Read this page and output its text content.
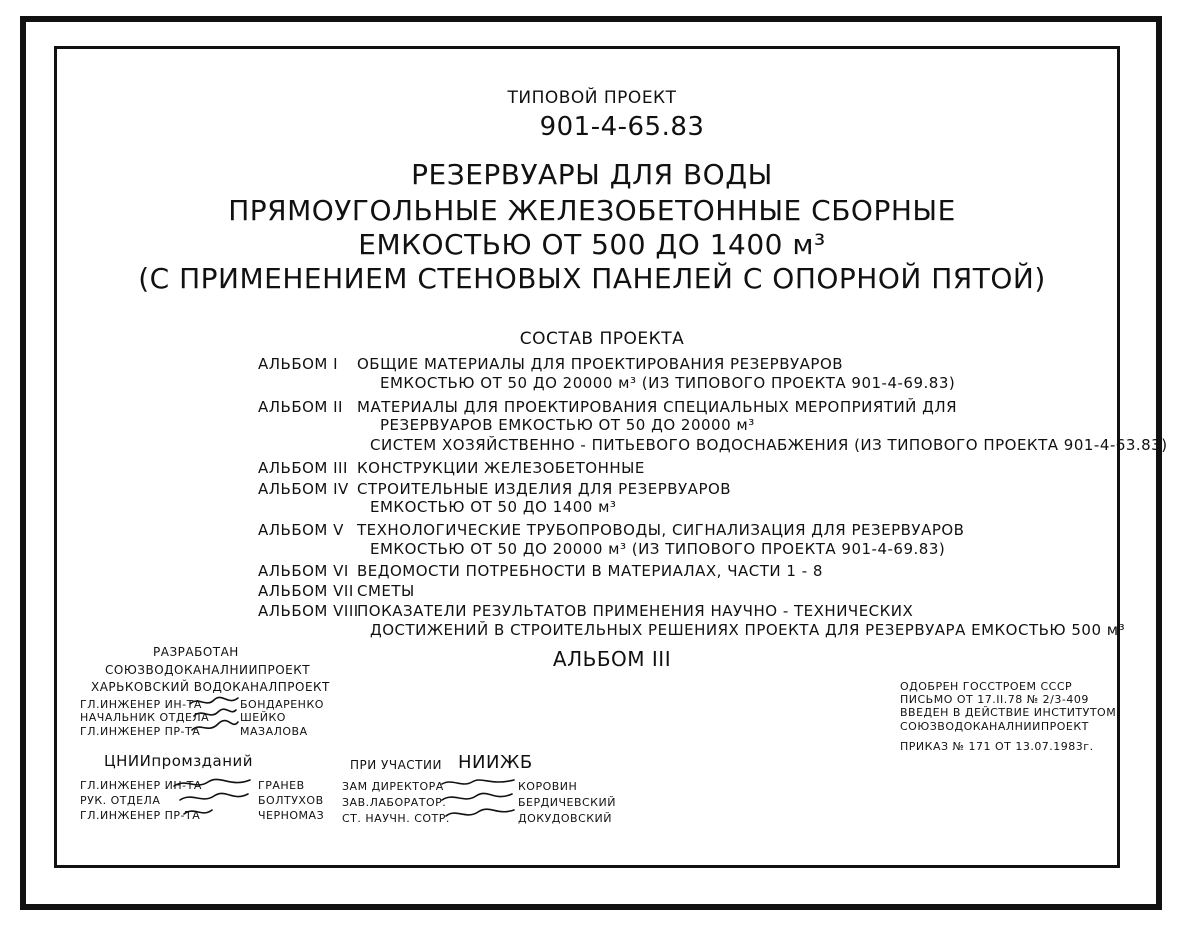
ТИПОВОЙ ПРОЕКТ
901-4-65.83
РЕЗЕРВУАРЫ ДЛЯ ВОДЫ
ПРЯМОУГОЛЬНЫЕ ЖЕЛЕЗОБЕТОННЫЕ СБОРНЫЕ
ЕМКОСТЬЮ ОТ 500 ДО 1400 м³
(С ПРИМЕНЕНИЕМ СТЕНОВЫХ ПАНЕЛЕЙ С ОПОРНОЙ ПЯТОЙ)
СОСТАВ ПРОЕКТА
АЛЬБОМ I ОБЩИЕ МАТЕРИАЛЫ ДЛЯ ПРОЕКТИРОВАНИЯ РЕЗЕРВУАРОВ
ЕМКОСТЬЮ ОТ 50 ДО 20000 м³ (ИЗ ТИПОВОГО ПРОЕКТА 901-4-69.83)
АЛЬБОМ II МАТЕРИАЛЫ ДЛЯ ПРОЕКТИРОВАНИЯ СПЕЦИАЛЬНЫХ МЕРОПРИЯТИЙ ДЛЯ
РЕЗЕРВУАРОВ ЕМКОСТЬЮ ОТ 50 ДО 20000 м³
СИСТЕМ ХОЗЯЙСТВЕННО - ПИТЬЕВОГО ВОДОСНАБЖЕНИЯ (ИЗ ТИПОВОГО ПРОЕКТА 901-4-63.83)
АЛЬБОМ III КОНСТРУКЦИИ ЖЕЛЕЗОБЕТОННЫЕ
АЛЬБОМ IV СТРОИТЕЛЬНЫЕ ИЗДЕЛИЯ ДЛЯ РЕЗЕРВУАРОВ
ЕМКОСТЬЮ ОТ 50 ДО 1400 м³
АЛЬБОМ V ТЕХНОЛОГИЧЕСКИЕ ТРУБОПРОВОДЫ, СИГНАЛИЗАЦИЯ ДЛЯ РЕЗЕРВУАРОВ
ЕМКОСТЬЮ ОТ 50 ДО 20000 м³ (ИЗ ТИПОВОГО ПРОЕКТА 901-4-69.83)
АЛЬБОМ VI ВЕДОМОСТИ ПОТРЕБНОСТИ В МАТЕРИАЛАХ, ЧАСТИ 1 - 8
АЛЬБОМ VII СМЕТЫ
АЛЬБОМ VIII
ПОКАЗАТЕЛИ РЕЗУЛЬТАТОВ ПРИМЕНЕНИЯ НАУЧНО - ТЕХНИЧЕСКИХ
ДОСТИЖЕНИЙ В СТРОИТЕЛЬНЫХ РЕШЕНИЯХ ПРОЕКТА ДЛЯ РЕЗЕРВУАРА ЕМКОСТЬЮ 500 м³
АЛЬБОМ III
РАЗРАБОТАН
СОЮЗВОДОКАНАЛНИИПРОЕКТ
ХАРЬКОВСКИЙ ВОДОКАНАЛПРОЕКТ
ГЛ.ИНЖЕНЕР ИН-ТА	БОНДАРЕНКО
НАЧАЛЬНИК ОТДЕЛА	ШЕЙКО
ГЛ.ИНЖЕНЕР ПР-ТА	МАЗАЛОВА
ЦНИИпромзданий
ГЛ.ИНЖЕНЕР ИН-ТА	ГРАНЕВ
РУК. ОТДЕЛА	БОЛТУХОВ
ГЛ.ИНЖЕНЕР ПР-ТА	ЧЕРНОМАЗ
ПРИ УЧАСТИИ НИИЖБ
ЗАМ ДИРЕКТОРА	КОРОВИН
ЗАВ.ЛАБОРАТОР.	БЕРДИЧЕВСКИЙ
СТ. НАУЧН. СОТР.	ДОКУДОВСКИЙ
ОДОБРЕН ГОССТРОЕМ СССР
ПИСЬМО ОТ 17.II.78 № 2/3-409
ВВЕДЕН В ДЕЙСТВИЕ ИНСТИТУТОМ
СОЮЗВОДОКАНАЛНИИПРОЕКТ
ПРИКАЗ № 171 ОТ 13.07.1983г.
